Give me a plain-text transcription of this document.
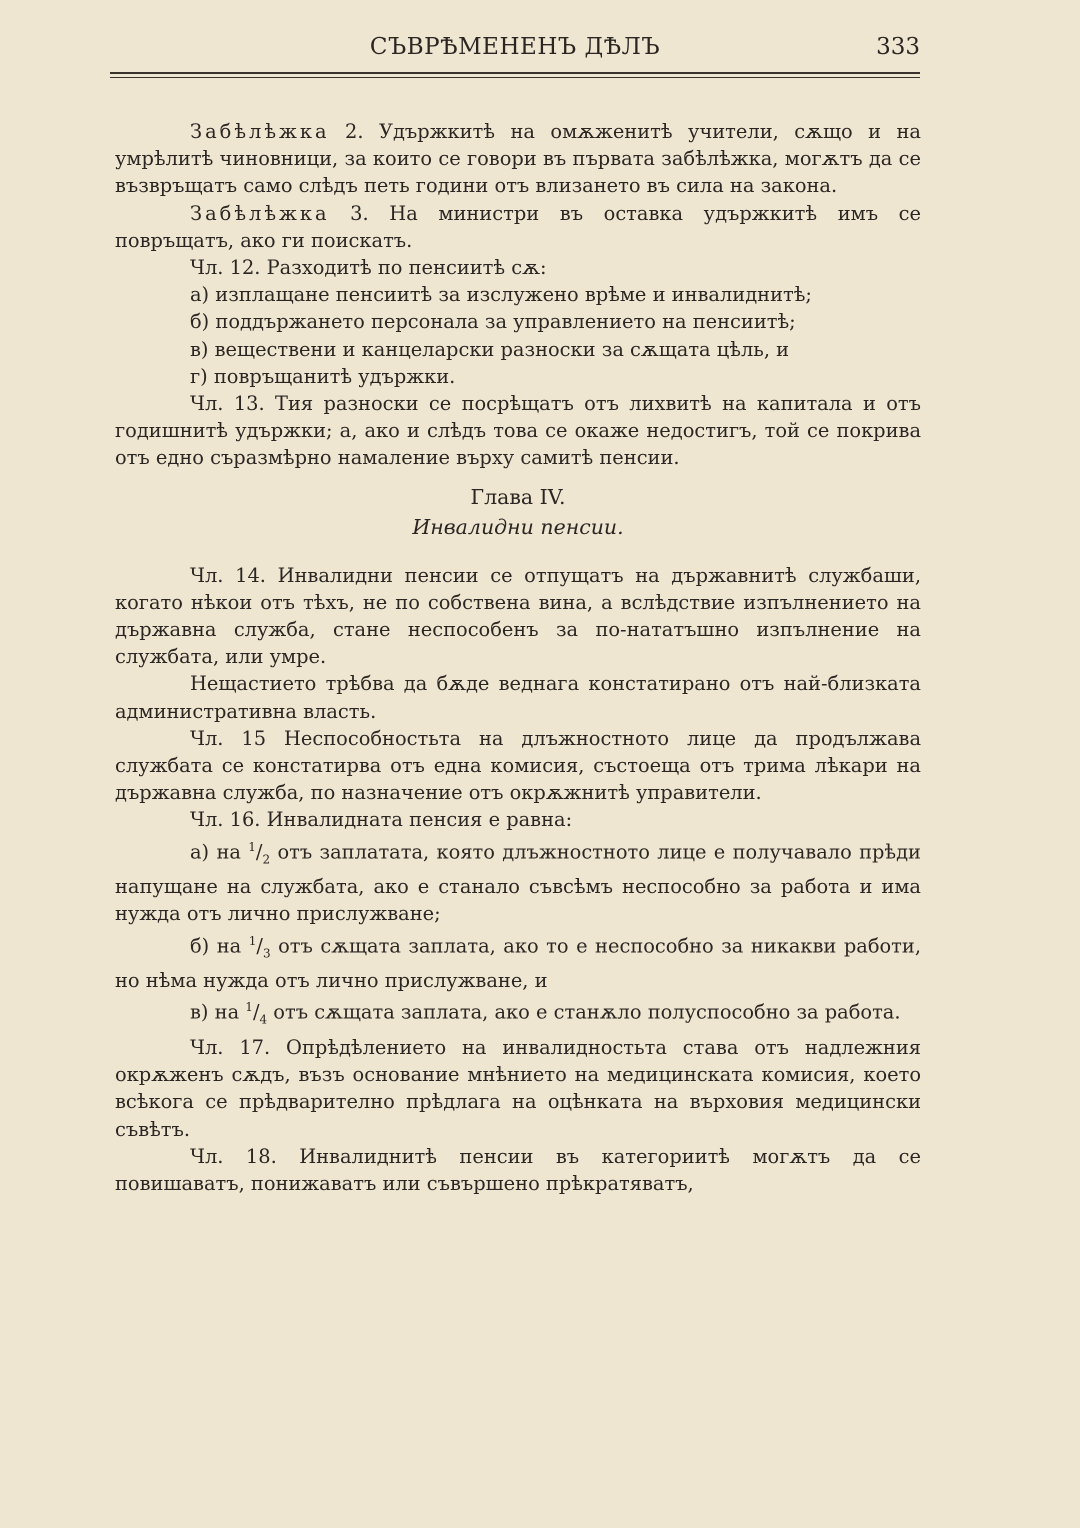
СЪВРѢМЕНЕНЪ ДѢЛЪ	333

Забѣлѣжка 2. Удържкитѣ на омѫженитѣ учители, сѫщо и на умрѣлитѣ чиновници, за които се говори въ първата забѣлѣжка, могѫтъ да се възвръщатъ само слѣдъ петь години отъ влизането въ сила на закона.

Забѣлѣжка 3. На министри въ оставка удържкитѣ имъ се повръщатъ, ако ги поискатъ.

Чл. 12. Разходитѣ по пенсиитѣ сѫ:

а) изплащане пенсиитѣ за изслужено врѣме и инвалиднитѣ;

б) поддържането персонала за управлението на пенсиитѣ;

в) веществени и канцеларски разноски за сѫщата цѣль, и

г) повръщанитѣ удържки.

Чл. 13. Тия разноски се посрѣщатъ отъ лихвитѣ на капитала и отъ годишнитѣ удържки; а, ако и слѣдъ това се окаже недостигъ, той се покрива отъ едно съразмѣрно намаление върху самитѣ пенсии.

Глава IV.
Инвалидни пенсии.

Чл. 14. Инвалидни пенсии се отпущатъ на държавнитѣ службаши, когато нѣкои отъ тѣхъ, не по собствена вина, а вслѣдствие изпълнението на държавна служба, стане неспособенъ за по-нататъшно изпълнение на службата, или умре.

Нещастието трѣбва да бѫде веднага констатирано отъ най-близката административна власть.

Чл. 15 Неспособностьта на длъжностното лице да продължава службата се констатирва отъ една комисия, състоеща отъ трима лѣкари на държавна служба, по назначение отъ окрѫжнитѣ управители.

Чл. 16. Инвалидната пенсия е равна:

а) на $^1/_2$ отъ заплатата, която длъжностното лице е получавало прѣди напущане на службата, ако е станало съвсѣмъ неспособно за работа и има нужда отъ лично прислужване;

б) на $^1/_3$ отъ сѫщата заплата, ако то е неспособно за никакви работи, но нѣма нужда отъ лично прислужване, и

в) на $^1/_4$ отъ сѫщата заплата, ако е станѫло полуспособно за работа.

Чл. 17. Опрѣдѣлението на инвалидностьта става отъ надлежния окрѫженъ сѫдъ, възъ основание мнѣнието на медицинската комисия, което всѣкога се прѣдварително прѣдлага на оцѣнката на върховия медицински съвѣтъ.

Чл. 18. Инвалиднитѣ пенсии въ категориитѣ могѫтъ да се повишаватъ, понижаватъ или съвършено прѣкратяватъ,
